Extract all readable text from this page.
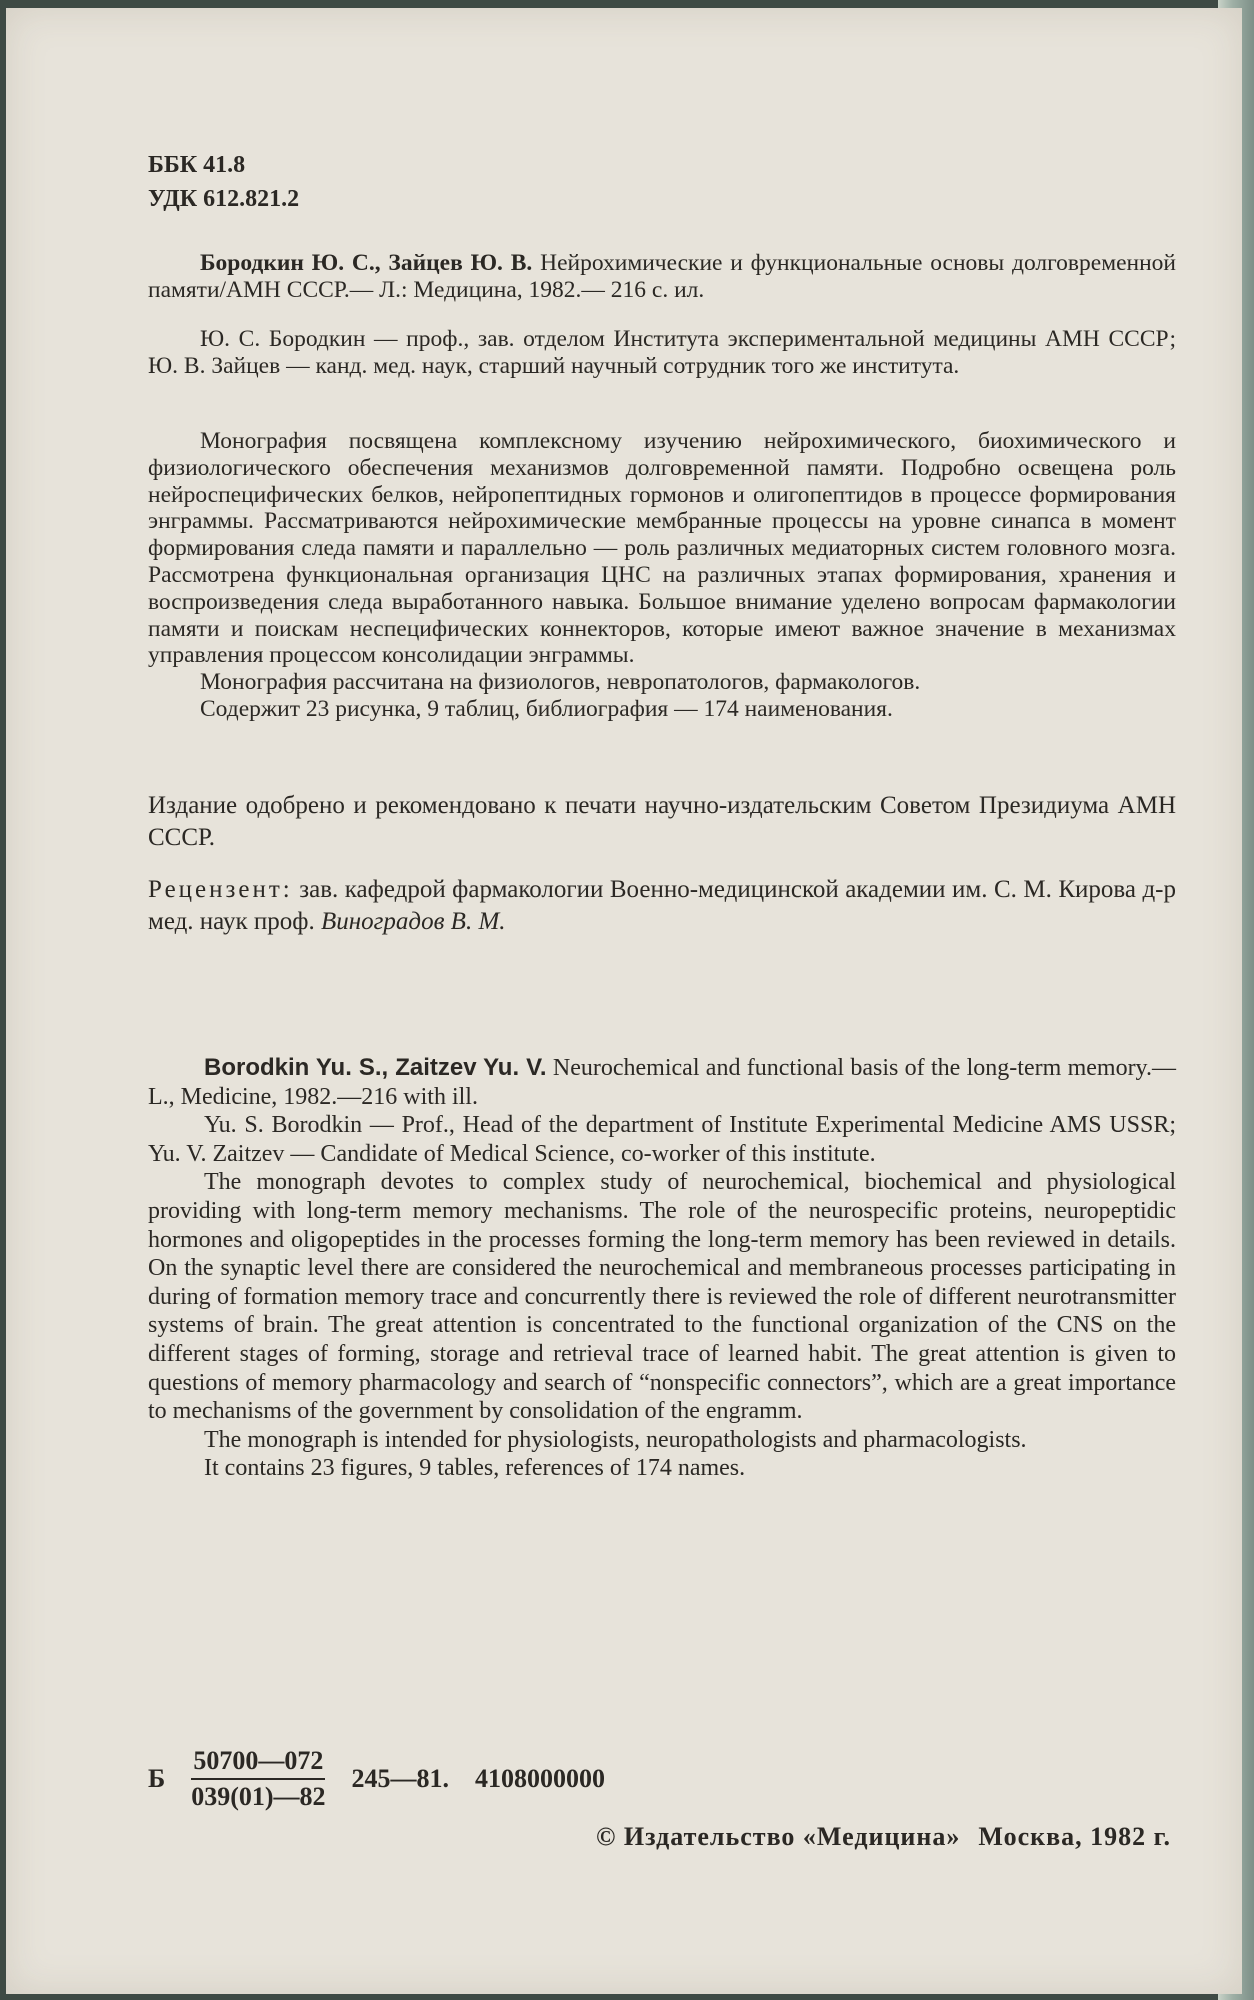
ББК 41.8

УДК 612.821.2

Бородкин Ю. С., Зайцев Ю. В. Нейрохимические и функциональные основы долговременной памяти/АМН СССР.— Л.: Медицина, 1982.— 216 с. ил.

Ю. С. Бородкин — проф., зав. отделом Института экспериментальной медицины АМН СССР; Ю. В. Зайцев — канд. мед. наук, старший научный сотрудник того же института.

Монография посвящена комплексному изучению нейрохимического, биохимического и физиологического обеспечения механизмов долговременной памяти. Подробно освещена роль нейроспецифических белков, нейропептидных гормонов и олигопептидов в процессе формирования энграммы. Рассматриваются нейрохимические мембранные процессы на уровне синапса в момент формирования следа памяти и параллельно — роль различных медиаторных систем головного мозга. Рассмотрена функциональная организация ЦНС на различных этапах формирования, хранения и воспроизведения следа выработанного навыка. Большое внимание уделено вопросам фармакологии памяти и поискам неспецифических коннекторов, которые имеют важное значение в механизмах управления процессом консолидации энграммы.

Монография рассчитана на физиологов, невропатологов, фармакологов.

Содержит 23 рисунка, 9 таблиц, библиография — 174 наименования.

Издание одобрено и рекомендовано к печати научно-издательским Советом Президиума АМН СССР.

Рецензент: зав. кафедрой фармакологии Военно-медицинской академии им. С. М. Кирова д-р мед. наук проф. Виноградов В. М.

Borodkin Yu. S., Zaitzev Yu. V. Neurochemical and functional basis of the long-term memory.— L., Medicine, 1982.—216 with ill.

Yu. S. Borodkin — Prof., Head of the department of Institute Experimental Medicine AMS USSR; Yu. V. Zaitzev — Candidate of Medical Science, co-worker of this institute.

The monograph devotes to complex study of neurochemical, biochemical and physiological providing with long-term memory mechanisms. The role of the neurospecific proteins, neuropeptidic hormones and oligopeptides in the processes forming the long-term memory has been reviewed in details. On the synaptic level there are considered the neurochemical and membraneous processes participating in during of formation memory trace and concurrently there is reviewed the role of different neurotransmitter systems of brain. The great attention is concentrated to the functional organization of the CNS on the different stages of forming, storage and retrieval trace of learned habit. The great attention is given to questions of memory pharmacology and search of “nonspecific connectors”, which are a great importance to mechanisms of the government by consolidation of the engramm.

The monograph is intended for physiologists, neuropathologists and pharmacologists.

It contains 23 figures, 9 tables, references of 174 names.

Б $\frac{50700—072}{039(01)—82}$ 245—81. 4108000000

© Издательство «Медицина» Москва, 1982 г.
